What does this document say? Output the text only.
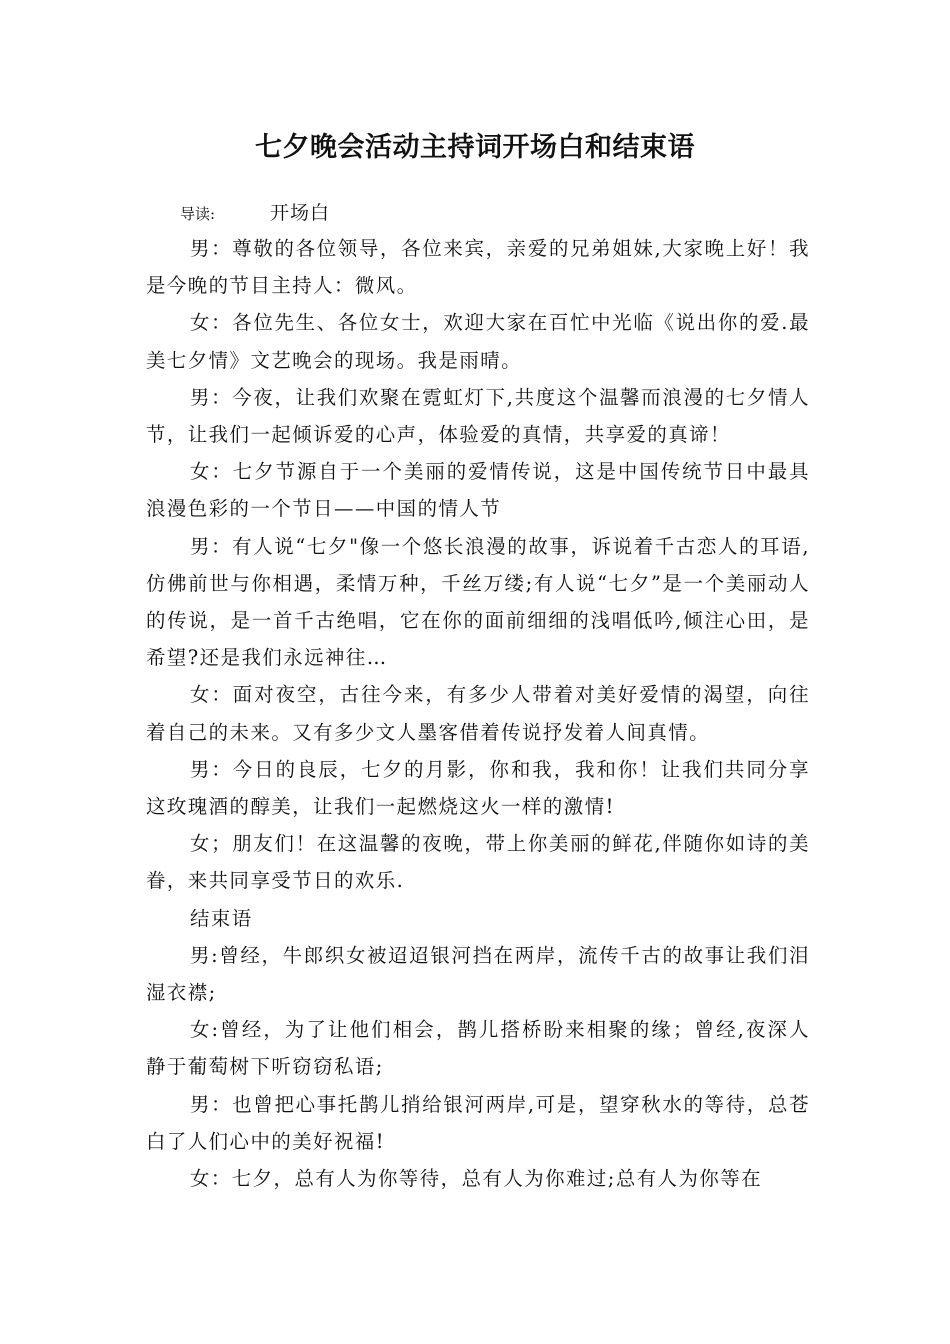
七夕晚会活动主持词开场白和结束语
导读:	开场白

男：尊敬的各位领导，各位来宾，亲爱的兄弟姐妹,大家晚上好！我是今晚的节目主持人：微风。

女：各位先生、各位女士，欢迎大家在百忙中光临《说出你的爱.最美七夕情》文艺晚会的现场。我是雨晴。

男：今夜，让我们欢聚在霓虹灯下,共度这个温馨而浪漫的七夕情人节，让我们一起倾诉爱的心声，体验爱的真情，共享爱的真谛！

女：七夕节源自于一个美丽的爱情传说，这是中国传统节日中最具浪漫色彩的一个节日——中国的情人节

男：有人说“七夕"像一个悠长浪漫的故事，诉说着千古恋人的耳语,仿佛前世与你相遇，柔情万种，千丝万缕;有人说“七夕”是一个美丽动人的传说，是一首千古绝唱，它在你的面前细细的浅唱低吟,倾注心田，是希望?还是我们永远神往…

女：面对夜空，古往今来，有多少人带着对美好爱情的渴望，向往着自己的未来。又有多少文人墨客借着传说抒发着人间真情。

男：今日的良辰，七夕的月影，你和我，我和你！让我们共同分享这玫瑰酒的醇美，让我们一起燃烧这火一样的激情!

女；朋友们！在这温馨的夜晚，带上你美丽的鲜花,伴随你如诗的美眷，来共同享受节日的欢乐.

结束语

男:曾经，牛郎织女被迢迢银河挡在两岸，流传千古的故事让我们泪湿衣襟;

女:曾经，为了让他们相会，鹊儿搭桥盼来相聚的缘；曾经,夜深人静于葡萄树下听窃窃私语;

男：也曾把心事托鹊儿捎给银河两岸,可是，望穿秋水的等待，总苍白了人们心中的美好祝福!

女：七夕，总有人为你等待，总有人为你难过;总有人为你等在
